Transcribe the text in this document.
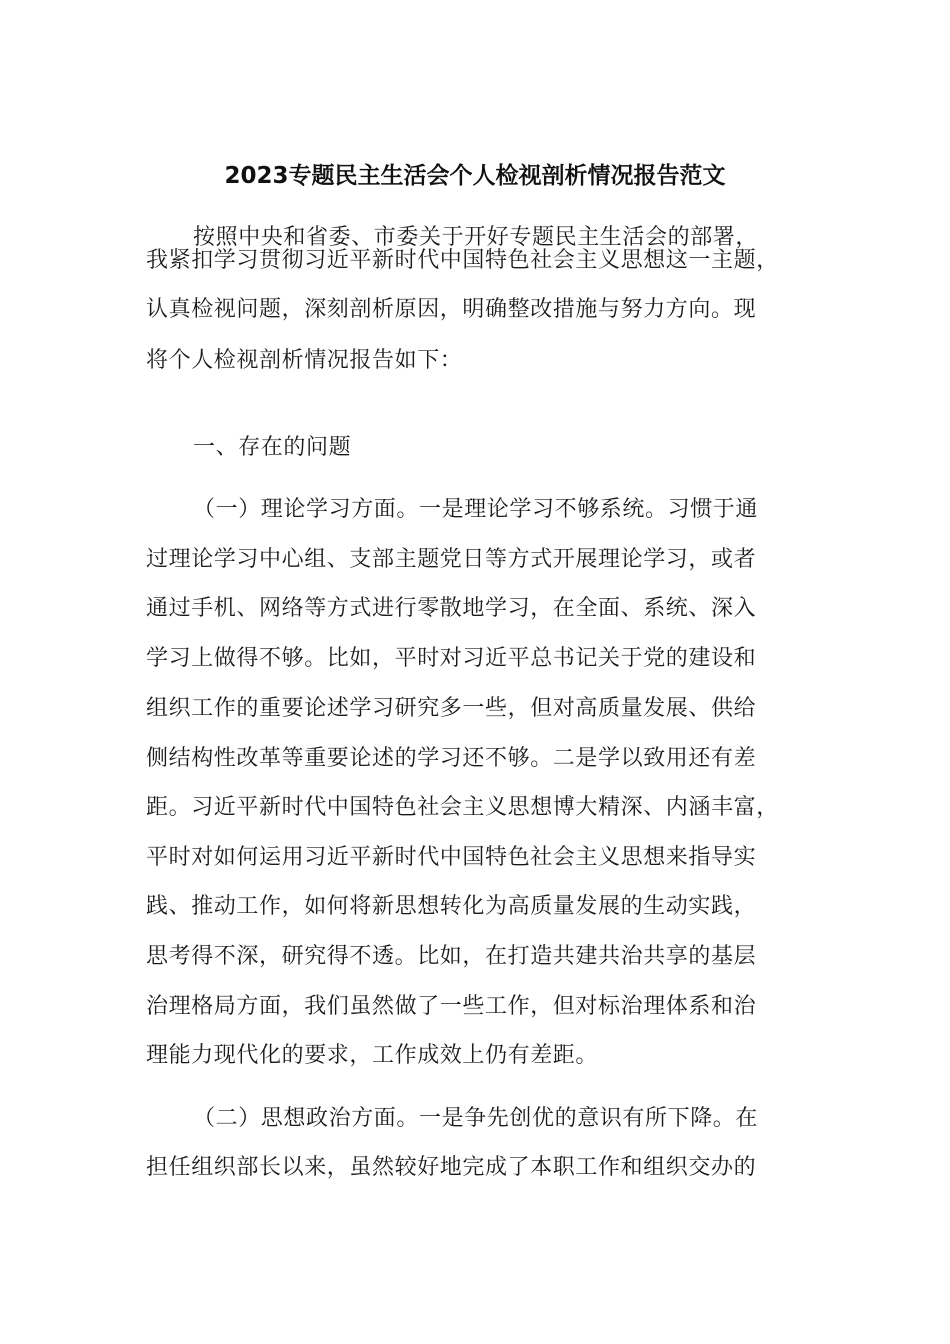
2023专题民主生活会个人检视剖析情况报告范文

按照中央和省委、市委关于开好专题民主生活会的部署，

我紧扣学习贯彻习近平新时代中国特色社会主义思想这一主题，

认真检视问题，深刻剖析原因，明确整改措施与努力方向。现

将个人检视剖析情况报告如下：

一、存在的问题

（一）理论学习方面。一是理论学习不够系统。习惯于通

过理论学习中心组、支部主题党日等方式开展理论学习，或者

通过手机、网络等方式进行零散地学习，在全面、系统、深入

学习上做得不够。比如，平时对习近平总书记关于党的建设和

组织工作的重要论述学习研究多一些，但对高质量发展、供给

侧结构性改革等重要论述的学习还不够。二是学以致用还有差

距。习近平新时代中国特色社会主义思想博大精深、内涵丰富，

平时对如何运用习近平新时代中国特色社会主义思想来指导实

践、推动工作，如何将新思想转化为高质量发展的生动实践，

思考得不深，研究得不透。比如，在打造共建共治共享的基层

治理格局方面，我们虽然做了一些工作，但对标治理体系和治

理能力现代化的要求，工作成效上仍有差距。

（二）思想政治方面。一是争先创优的意识有所下降。在

担任组织部长以来，虽然较好地完成了本职工作和组织交办的
